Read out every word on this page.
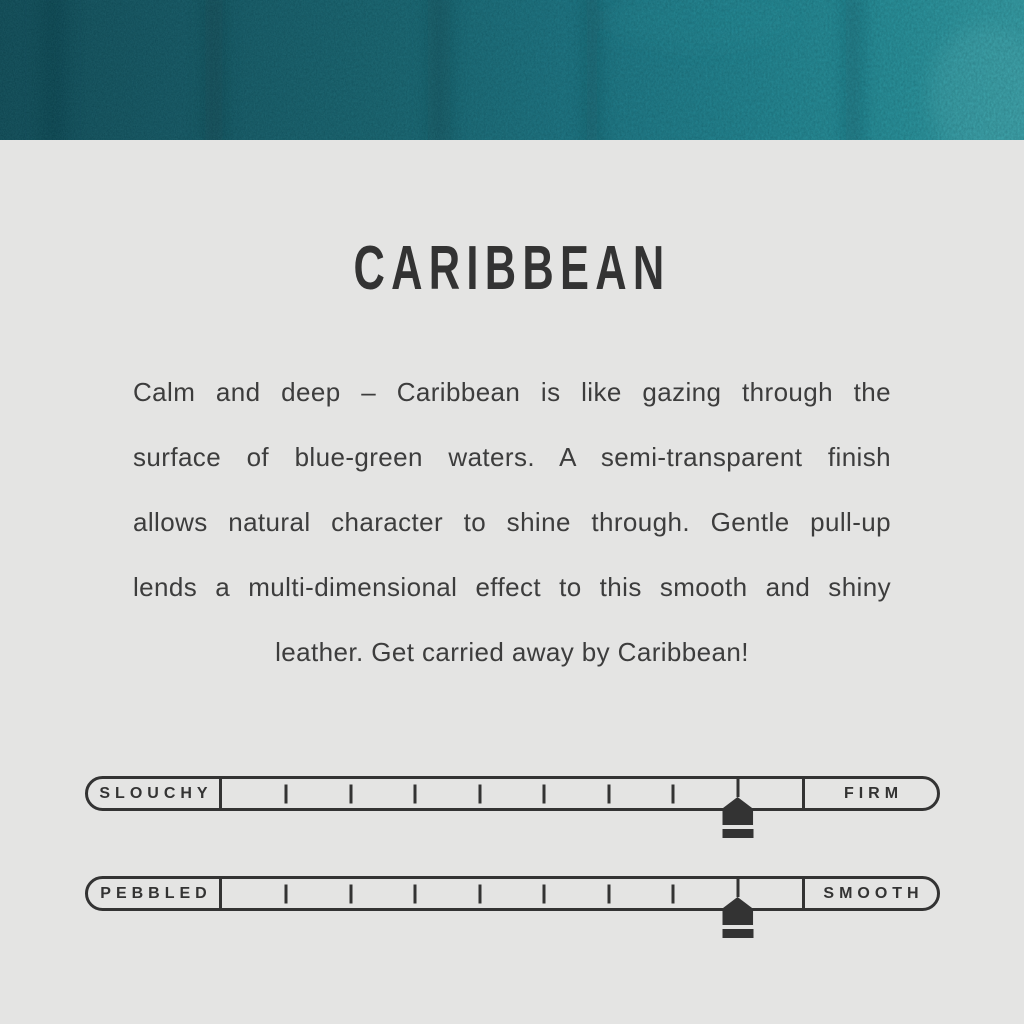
CARIBBEAN
Calm and deep – Caribbean is like gazing through the
surface of blue-green waters. A semi-transparent finish
allows natural character to shine through. Gentle pull-up
lends a multi-dimensional effect to this smooth and shiny
leather. Get carried away by Caribbean!
SLOUCHY	FIRM
PEBBLED	SMOOTH
